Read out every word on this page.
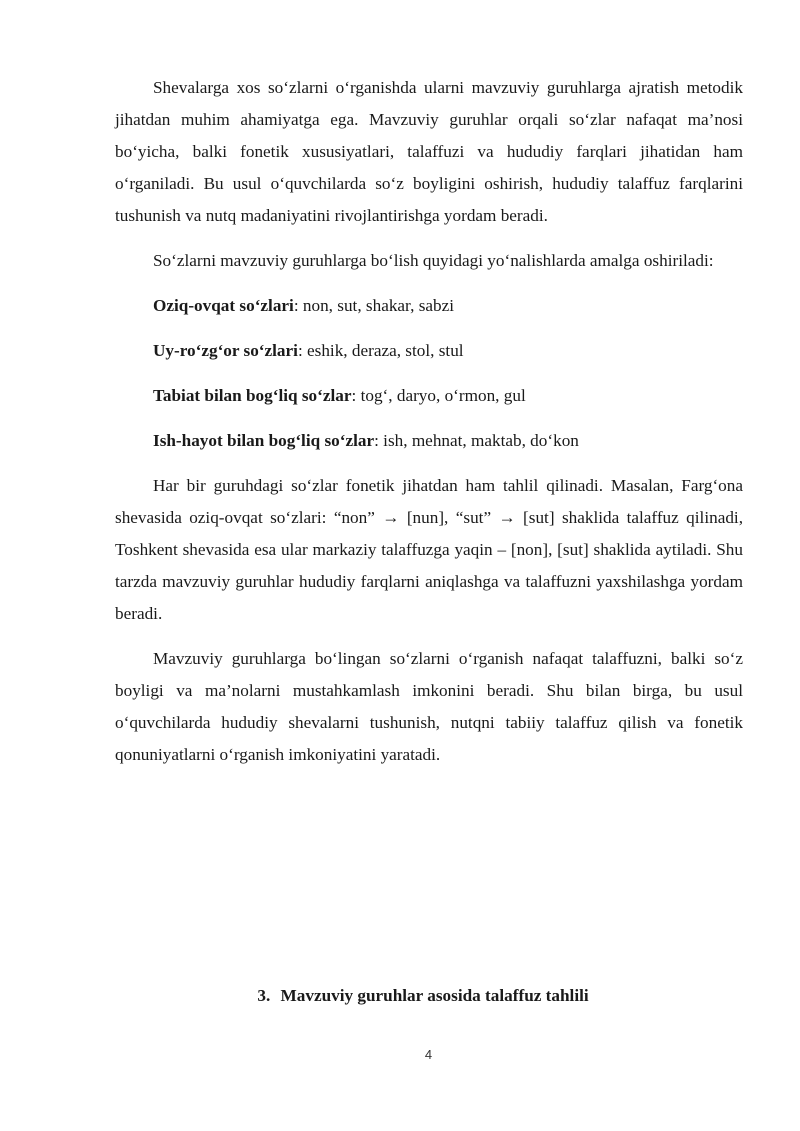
Shevalarga xos so‘zlarni o‘rganishda ularni mavzuviy guruhlarga ajratish metodik jihatdan muhim ahamiyatga ega. Mavzuviy guruhlar orqali so‘zlar nafaqat ma’nosi bo‘yicha, balki fonetik xususiyatlari, talaffuzi va hududiy farqlari jihatidan ham o‘rganiladi. Bu usul o‘quvchilarda so‘z boyligini oshirish, hududiy talaffuz farqlarini tushunish va nutq madaniyatini rivojlantirishga yordam beradi.

So‘zlarni mavzuviy guruhlarga bo‘lish quyidagi yo‘nalishlarda amalga oshiriladi:

Oziq-ovqat so‘zlari: non, sut, shakar, sabzi
Uy-ro‘zg‘or so‘zlari: eshik, deraza, stol, stul
Tabiat bilan bog‘liq so‘zlar: tog‘, daryo, o‘rmon, gul
Ish-hayot bilan bog‘liq so‘zlar: ish, mehnat, maktab, do‘kon

Har bir guruhdagi so‘zlar fonetik jihatdan ham tahlil qilinadi. Masalan, Farg‘ona shevasida oziq-ovqat so‘zlari: “non” → [nun], “sut” → [sut] shaklida talaffuz qilinadi, Toshkent shevasida esa ular markaziy talaffuzga yaqin – [non], [sut] shaklida aytiladi. Shu tarzda mavzuviy guruhlar hududiy farqlarni aniqlashga va talaffuzni yaxshilashga yordam beradi.

Mavzuviy guruhlarga bo‘lingan so‘zlarni o‘rganish nafaqat talaffuzni, balki so‘z boyligi va ma’nolarni mustahkamlash imkonini beradi. Shu bilan birga, bu usul o‘quvchilarda hududiy shevalarni tushunish, nutqni tabiiy talaffuz qilish va fonetik qonuniyatlarni o‘rganish imkoniyatini yaratadi.

3. Mavzuviy guruhlar asosida talaffuz tahlili
4
